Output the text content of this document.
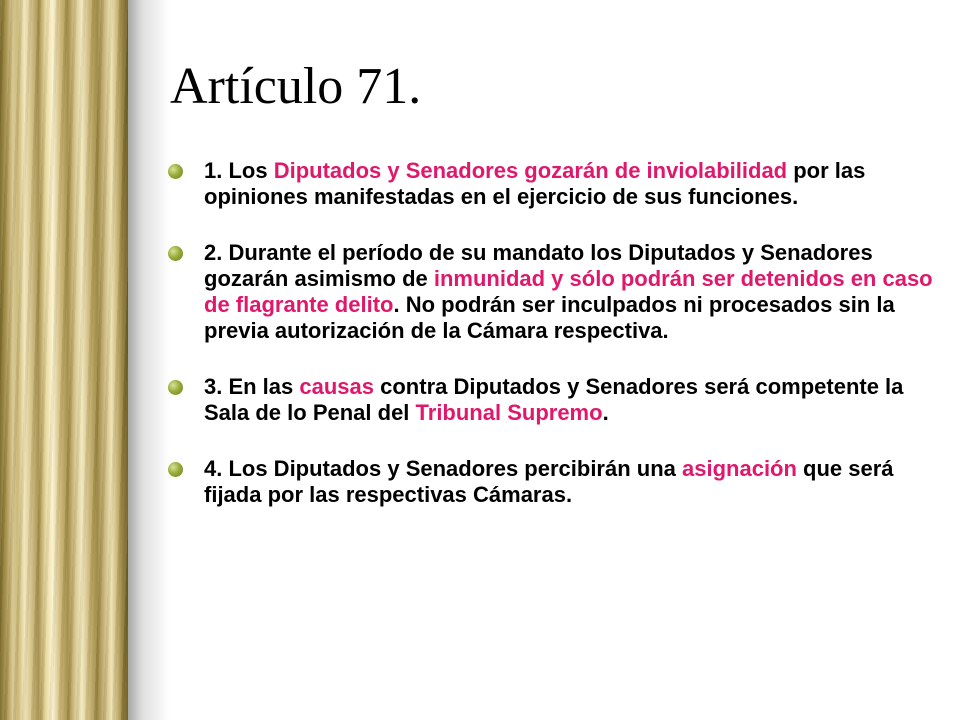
Artículo 71.
1. Los Diputados y Senadores gozarán de inviolabilidad por las opiniones manifestadas en el ejercicio de sus funciones.
2. Durante el período de su mandato los Diputados y Senadores gozarán asimismo de inmunidad y sólo podrán ser detenidos en caso de flagrante delito. No podrán ser inculpados ni procesados sin la previa autorización de la Cámara respectiva.
3. En las causas contra Diputados y Senadores será competente la Sala de lo Penal del Tribunal Supremo.
4. Los Diputados y Senadores percibirán una asignación que será fijada por las respectivas Cámaras.
